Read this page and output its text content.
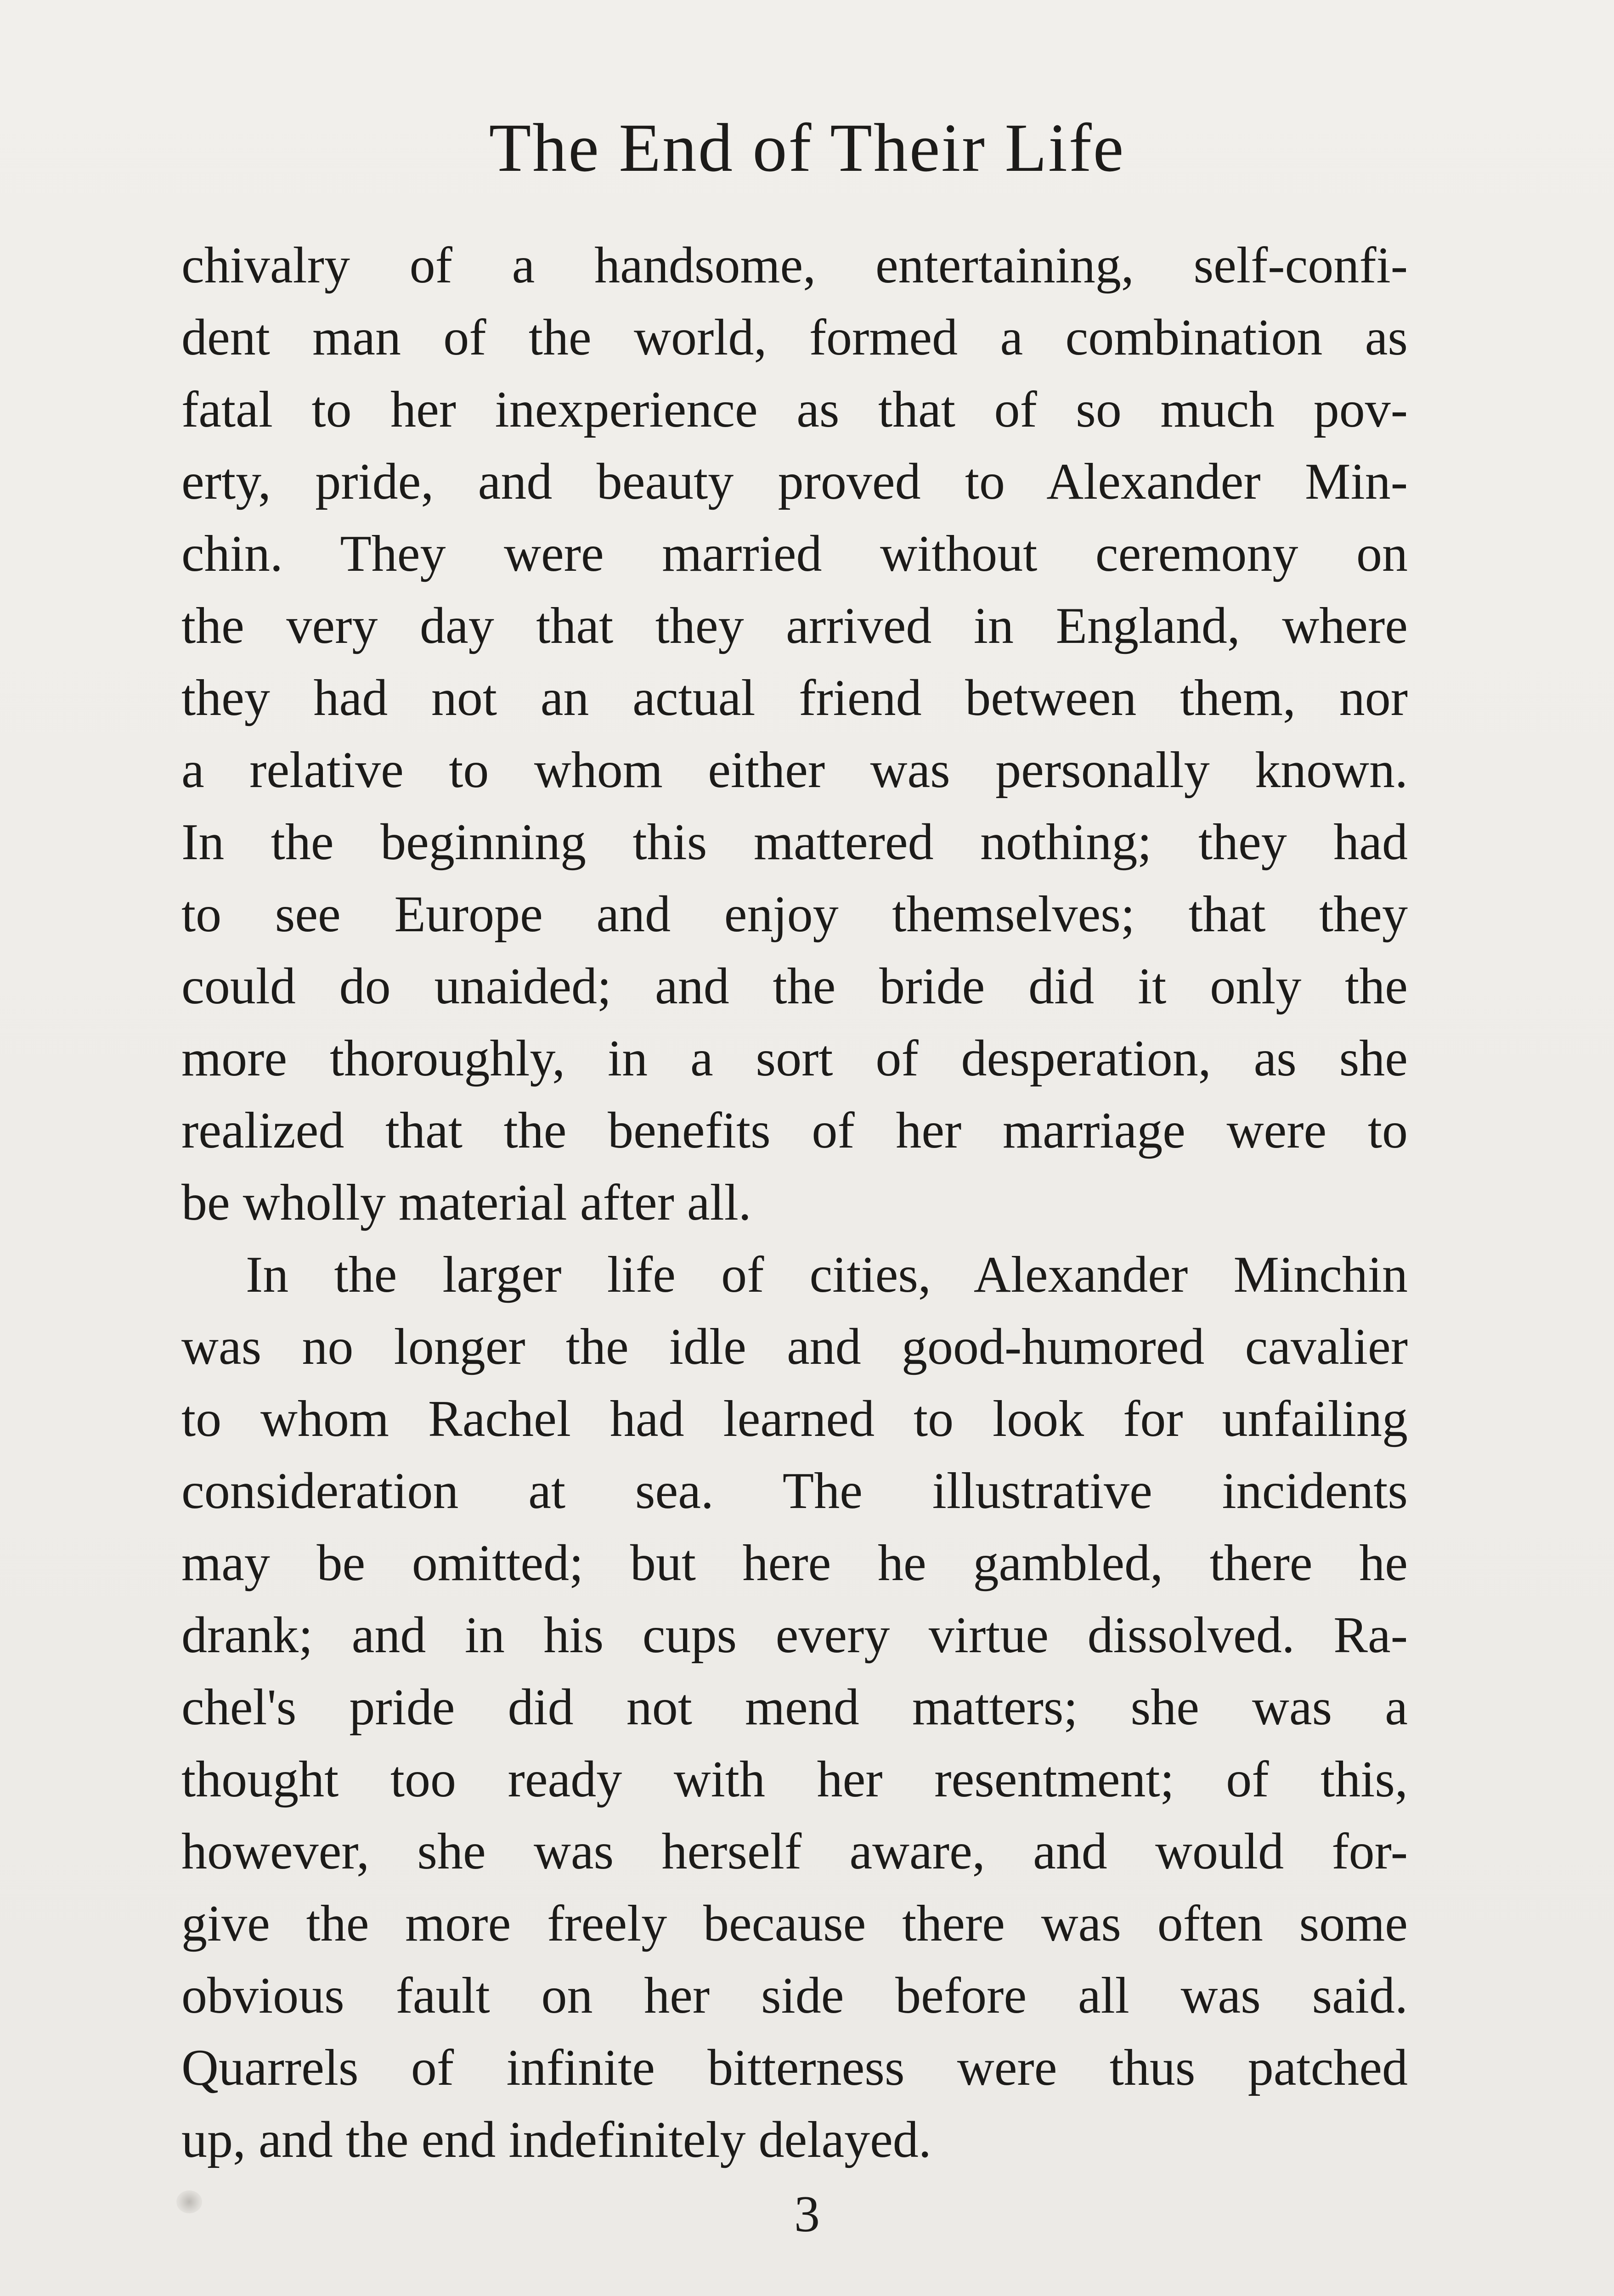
The End of Their Life
chivalry of a handsome, entertaining, self-confi-
dent man of the world, formed a combination as
fatal to her inexperience as that of so much pov-
erty, pride, and beauty proved to Alexander Min-
chin. They were married without ceremony on
the very day that they arrived in England, where
they had not an actual friend between them, nor
a relative to whom either was personally known.
In the beginning this mattered nothing; they had
to see Europe and enjoy themselves; that they
could do unaided; and the bride did it only the
more thoroughly, in a sort of desperation, as she
realized that the benefits of her marriage were to
be wholly material after all.
In the larger life of cities, Alexander Minchin
was no longer the idle and good-humored cavalier
to whom Rachel had learned to look for unfailing
consideration at sea. The illustrative incidents
may be omitted; but here he gambled, there he
drank; and in his cups every virtue dissolved. Ra-
chel's pride did not mend matters; she was a
thought too ready with her resentment; of this,
however, she was herself aware, and would for-
give the more freely because there was often some
obvious fault on her side before all was said.
Quarrels of infinite bitterness were thus patched
up, and the end indefinitely delayed.
3
